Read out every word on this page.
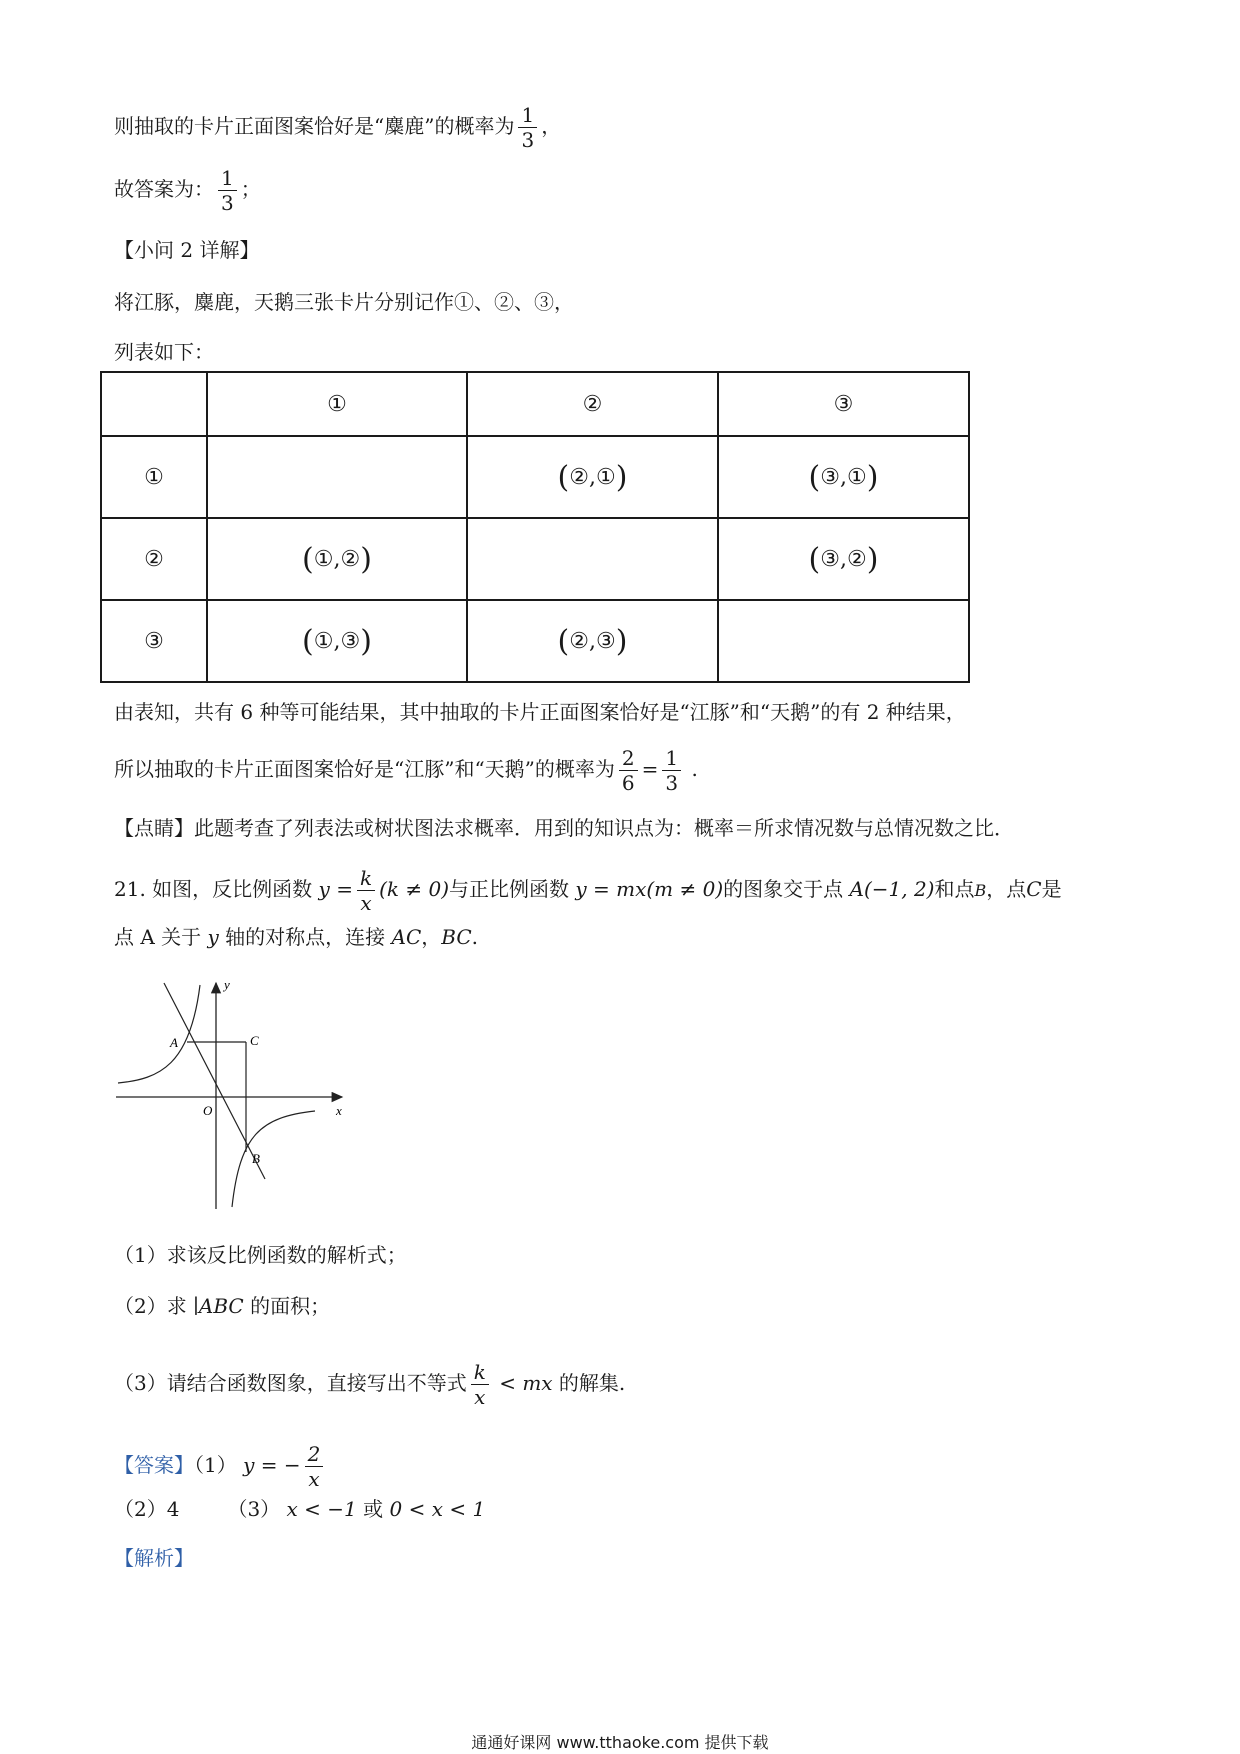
则抽取的卡片正面图案恰好是“麋鹿”的概率为 $\frac{1}{3}$ ，
故答案为： $\frac{1}{3}$ ；
【小问 2 详解】
将江豚，麋鹿，天鹅三张卡片分别记作①、②、③，
列表如下：
	①	②	③
①		(②,①)	(③,①)
②	(①,②)		(③,②)
③	(①,③)	(②,③)	
由表知，共有 6 种等可能结果，其中抽取的卡片正面图案恰好是“江豚”和“天鹅”的有 2 种结果，
所以抽取的卡片正面图案恰好是“江豚”和“天鹅”的概率为 $\frac{2}{6} = \frac{1}{3}$ .
【点睛】此题考查了列表法或树状图法求概率．用到的知识点为：概率＝所求情况数与总情况数之比．
21. 如图，反比例函数 $y = \frac{k}{x} (k \ne 0)$与正比例函数 y = mx(m ≠ 0)的图象交于点 A(−1, 2)和点B，点C是
点 A 关于 y 轴的对称点，连接 AC，BC.
y
x
O
A	C
B
（1）求该反比例函数的解析式；
（2）求 ∣ABC 的面积；
（3）请结合函数图象，直接写出不等式 $\frac{k}{x}$ < mx 的解集.
【答案】（1） y = − $\frac{2}{x}$
（2）4 （3） x < −1 或 0 < x < 1
【解析】
通通好课网 www.tthaoke.com 提供下载
